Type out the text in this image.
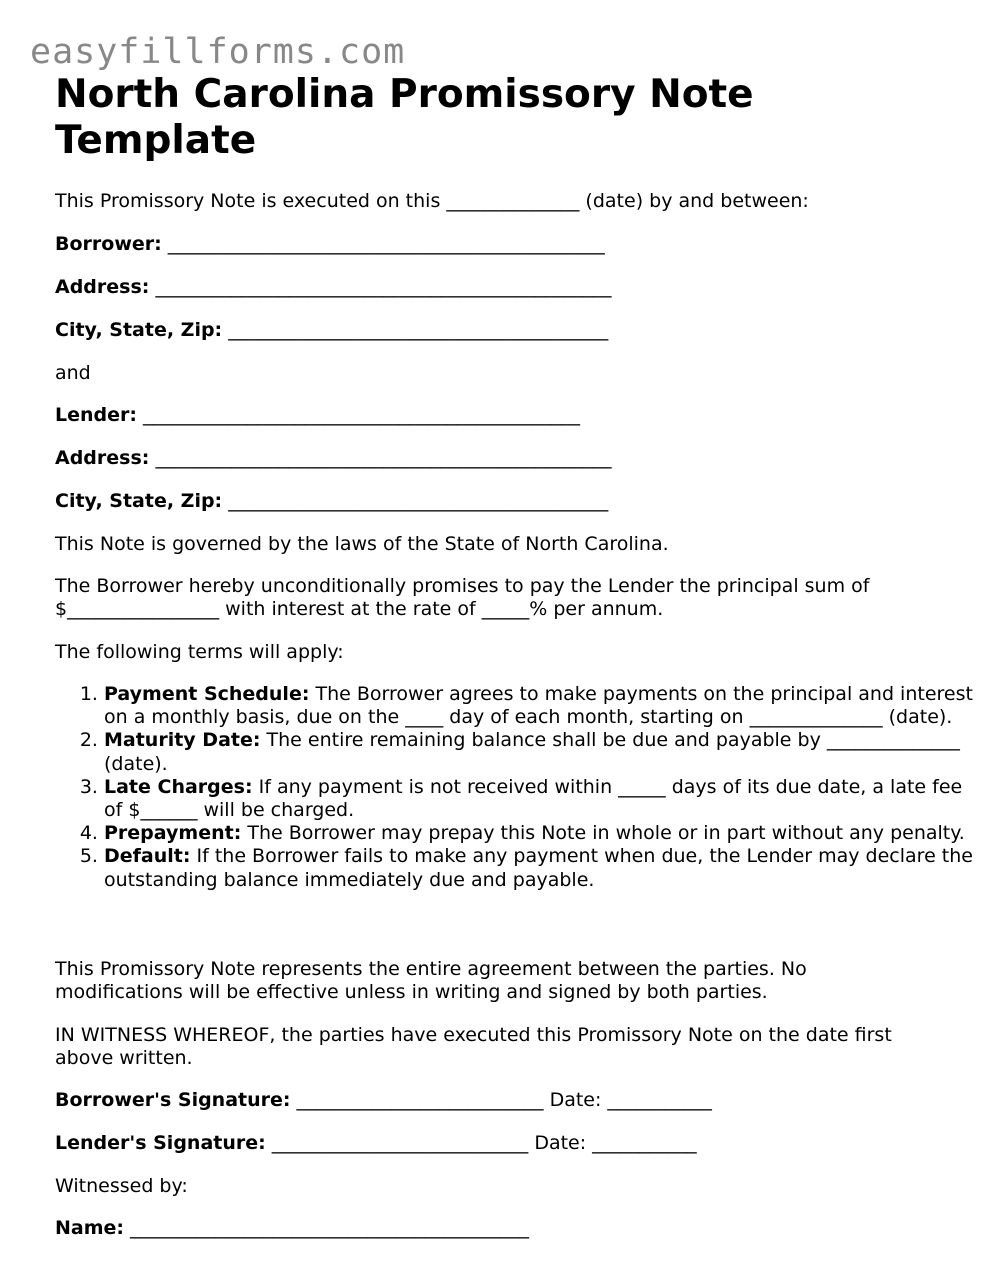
easyfillforms.com
North Carolina Promissory Note
Template

This Promissory Note is executed on this ______________ (date) by and between:

Borrower: ______________________________________________

Address: ________________________________________________

City, State, Zip: ________________________________________

and

Lender: ______________________________________________

Address: ________________________________________________

City, State, Zip: ________________________________________

This Note is governed by the laws of the State of North Carolina.

The Borrower hereby unconditionally promises to pay the Lender the principal sum of $________________ with interest at the rate of _____% per annum.

The following terms will apply:

1. Payment Schedule: The Borrower agrees to make payments on the principal and interest on a monthly basis, due on the ____ day of each month, starting on ______________ (date).
2. Maturity Date: The entire remaining balance shall be due and payable by ______________ (date).
3. Late Charges: If any payment is not received within _____ days of its due date, a late fee of $______ will be charged.
4. Prepayment: The Borrower may prepay this Note in whole or in part without any penalty.
5. Default: If the Borrower fails to make any payment when due, the Lender may declare the outstanding balance immediately due and payable.

This Promissory Note represents the entire agreement between the parties. No modifications will be effective unless in writing and signed by both parties.

IN WITNESS WHEREOF, the parties have executed this Promissory Note on the date first above written.

Borrower's Signature: __________________________ Date: ___________

Lender's Signature: ___________________________ Date: ___________

Witnessed by:

Name: __________________________________________
